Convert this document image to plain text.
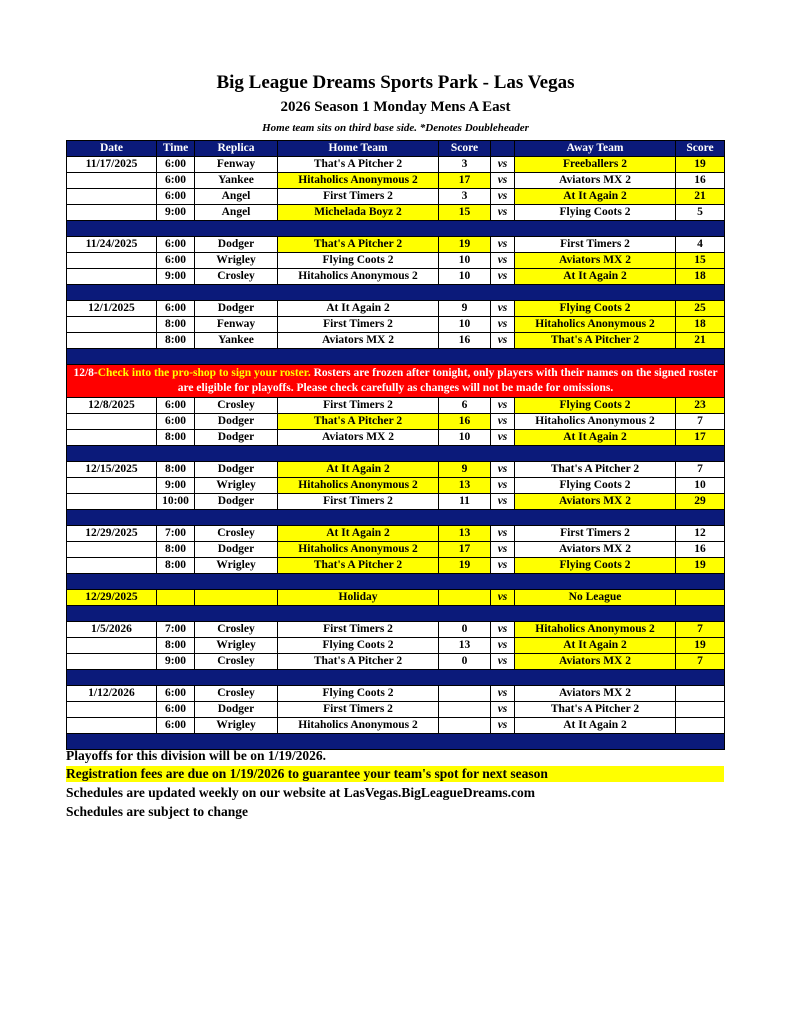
Big League Dreams Sports Park - Las Vegas
2026 Season 1 Monday Mens A East
Home team sits on third base side. *Denotes Doubleheader
Date	Time	Replica	Home Team	Score		Away Team	Score
11/17/2025	6:00	Fenway	That's A Pitcher 2	3	vs	Freeballers 2	19
	6:00	Yankee	Hitaholics Anonymous 2	17	vs	Aviators MX 2	16
	6:00	Angel	First Timers 2	3	vs	At It Again 2	21
	9:00	Angel	Michelada Boyz 2	15	vs	Flying Coots 2	5

11/24/2025	6:00	Dodger	That's A Pitcher 2	19	vs	First Timers 2	4
	6:00	Wrigley	Flying Coots 2	10	vs	Aviators MX 2	15
	9:00	Crosley	Hitaholics Anonymous 2	10	vs	At It Again 2	18

12/1/2025	6:00	Dodger	At It Again 2	9	vs	Flying Coots 2	25
	8:00	Fenway	First Timers 2	10	vs	Hitaholics Anonymous 2	18
	8:00	Yankee	Aviators MX 2	16	vs	That's A Pitcher 2	21

12/8-Check into the pro-shop to sign your roster. Rosters are frozen after tonight, only players with their names on the signed roster are eligible for playoffs. Please check carefully as changes will not be made for omissions.							
12/8/2025	6:00	Crosley	First Timers 2	6	vs	Flying Coots 2	23
	6:00	Dodger	That's A Pitcher 2	16	vs	Hitaholics Anonymous 2	7
	8:00	Dodger	Aviators MX 2	10	vs	At It Again 2	17

12/15/2025	8:00	Dodger	At It Again 2	9	vs	That's A Pitcher 2	7
	9:00	Wrigley	Hitaholics Anonymous 2	13	vs	Flying Coots 2	10
	10:00	Dodger	First Timers 2	11	vs	Aviators MX 2	29

12/29/2025	7:00	Crosley	At It Again 2	13	vs	First Timers 2	12
	8:00	Dodger	Hitaholics Anonymous 2	17	vs	Aviators MX 2	16
	8:00	Wrigley	That's A Pitcher 2	19	vs	Flying Coots 2	19

12/29/2025			Holiday		vs	No League	

1/5/2026	7:00	Crosley	First Timers 2	0	vs	Hitaholics Anonymous 2	7
	8:00	Wrigley	Flying Coots 2	13	vs	At It Again 2	19
	9:00	Crosley	That's A Pitcher 2	0	vs	Aviators MX 2	7

1/12/2026	6:00	Crosley	Flying Coots 2		vs	Aviators MX 2	
	6:00	Dodger	First Timers 2		vs	That's A Pitcher 2	
	6:00	Wrigley	Hitaholics Anonymous 2		vs	At It Again 2	

Playoffs for this division will be on 1/19/2026.
Registration fees are due on 1/19/2026 to guarantee your team's spot for next season
Schedules are updated weekly on our website at LasVegas.BigLeagueDreams.com
Schedules are subject to change
